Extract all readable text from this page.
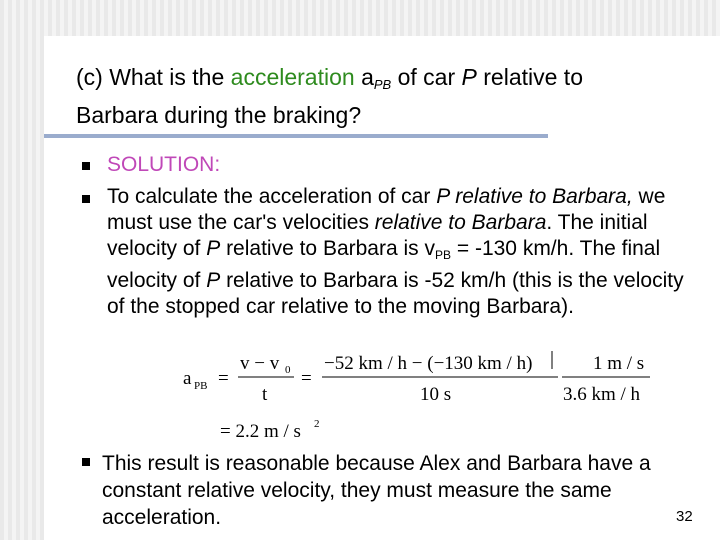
(c) What is the acceleration $a_{PB}$ of car P relative to
Barbara during the braking?
SOLUTION:
To calculate the acceleration of car P relative to Barbara, we must use the car's velocities relative to Barbara. The initial velocity of P relative to Barbara is vPB = -130 km/h. The final velocity of P relative to Barbara is -52 km/h (this is the velocity of the stopped car relative to the moving Barbara).
a PB =
v − v 0
t
=
−52 km / h − (−130 km / h)
10 s
1 m / s
3.6 km / h
= 2.2 m / s 2
This result is reasonable because Alex and Barbara have a constant relative velocity, they must measure the same acceleration.	32
